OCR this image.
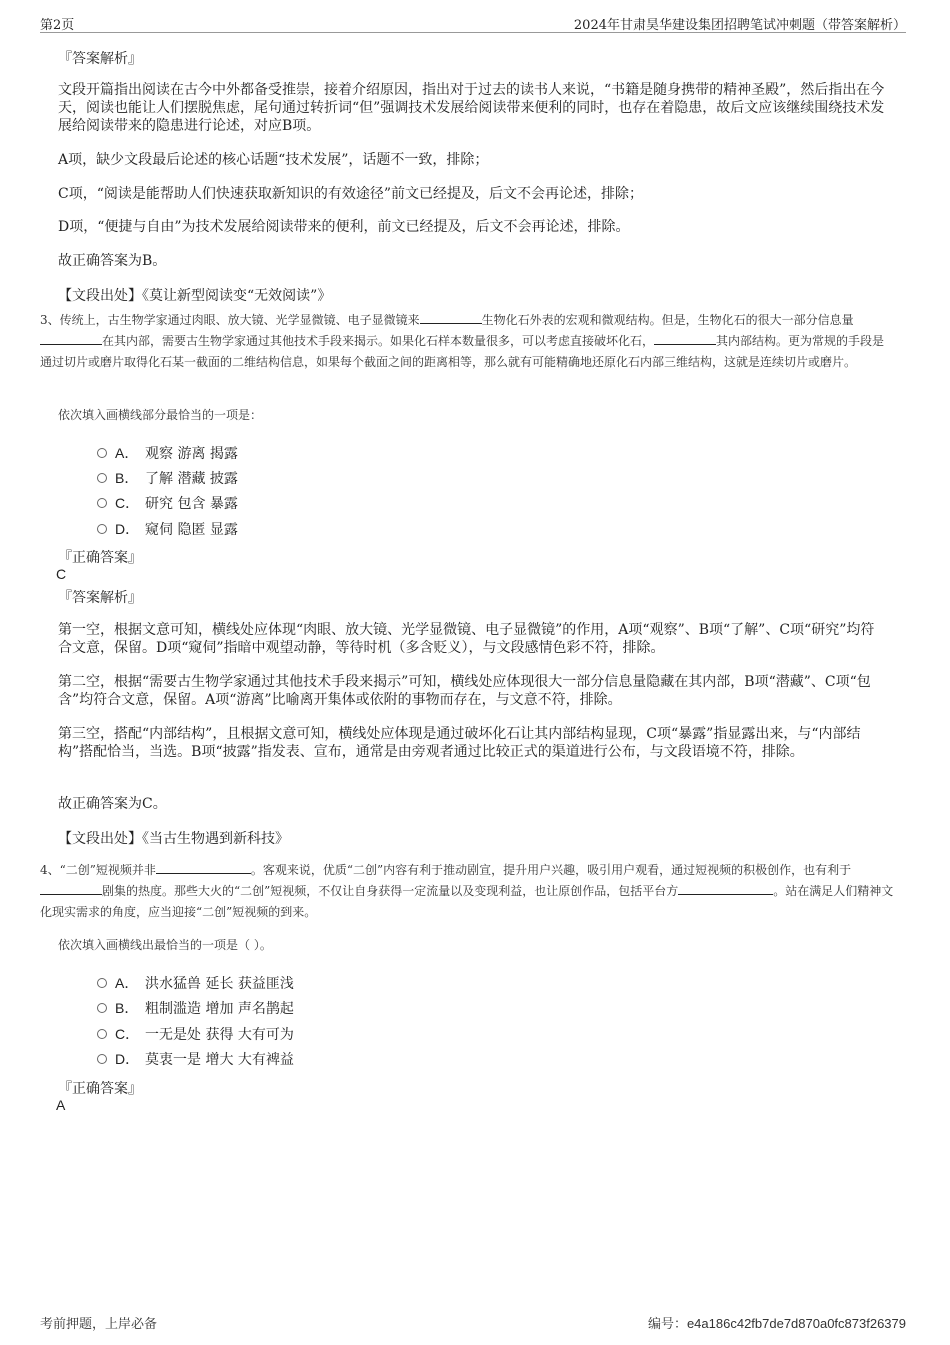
第2页	2024年甘肃昊华建设集团招聘笔试冲刺题（带答案解析）
『答案解析』
文段开篇指出阅读在古今中外都备受推崇，接着介绍原因，指出对于过去的读书人来说，“书籍是随身携带的精神圣殿”，然后指出在今天，阅读也能让人们摆脱焦虑，尾句通过转折词“但”强调技术发展给阅读带来便利的同时，也存在着隐患，故后文应该继续围绕技术发展给阅读带来的隐患进行论述，对应B项。
A项，缺少文段最后论述的核心话题“技术发展”，话题不一致，排除；
C项，“阅读是能帮助人们快速获取新知识的有效途径”前文已经提及，后文不会再论述，排除；
D项，“便捷与自由”为技术发展给阅读带来的便利，前文已经提及，后文不会再论述，排除。
故正确答案为B。
【文段出处】《莫让新型阅读变“无效阅读”》
3、传统上，古生物学家通过肉眼、放大镜、光学显微镜、电子显微镜来	生物化石外表的宏观和微观结构。但是，生物化石的很大一部分信息量在其内部，需要古生物学家通过其他技术手段来揭示。如果化石样本数量很多，可以考虑直接破坏化石，	其内部结构。更为常规的手段是通过切片或磨片取得化石某一截面的二维结构信息，如果每个截面之间的距离相等，那么就有可能精确地还原化石内部三维结构，这就是连续切片或磨片。
依次填入画横线部分最恰当的一项是：
A． 观察 游离 揭露
B． 了解 潜藏 披露
C． 研究 包含 暴露
D． 窥伺 隐匿 显露
『正确答案』
C
『答案解析』
第一空，根据文意可知，横线处应体现“肉眼、放大镜、光学显微镜、电子显微镜”的作用，A项“观察”、B项“了解”、C项“研究”均符合文意，保留。D项“窥伺”指暗中观望动静，等待时机（多含贬义），与文段感情色彩不符，排除。
第二空，根据“需要古生物学家通过其他技术手段来揭示”可知，横线处应体现很大一部分信息量隐藏在其内部，B项“潜藏”、C项“包含”均符合文意，保留。A项“游离”比喻离开集体或依附的事物而存在，与文意不符，排除。
第三空，搭配“内部结构”，且根据文意可知，横线处应体现是通过破坏化石让其内部结构显现，C项“暴露”指显露出来，与“内部结构”搭配恰当，当选。B项“披露”指发表、宣布，通常是由旁观者通过比较正式的渠道进行公布，与文段语境不符，排除。
故正确答案为C。
【文段出处】《当古生物遇到新科技》
4、“二创”短视频并非	。客观来说，优质“二创”内容有利于推动剧宣，提升用户兴趣，吸引用户观看，通过短视频的积极创作，也有利于剧集的热度。那些大火的“二创”短视频，不仅让自身获得一定流量以及变现利益，也让原创作品，包括平台方	。站在满足人们精神文化现实需求的角度，应当迎接“二创”短视频的到来。
依次填入画横线出最恰当的一项是（ ）。
A． 洪水猛兽 延长 获益匪浅
B． 粗制滥造 增加 声名鹊起
C． 一无是处 获得 大有可为
D． 莫衷一是 增大 大有裨益
『正确答案』
A
考前押题，上岸必备	编号：e4a186c42fb7de7d870a0fc873f26379
